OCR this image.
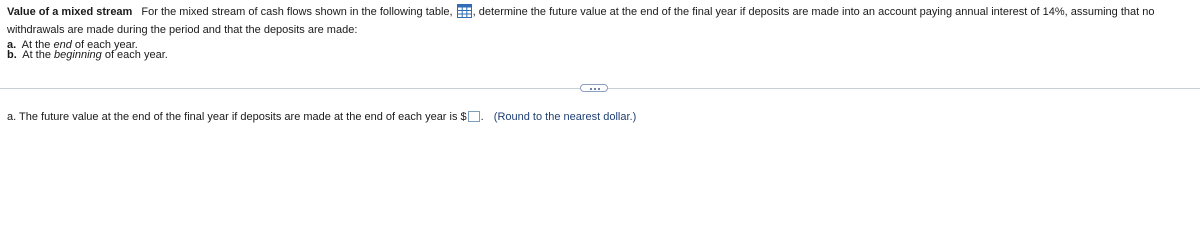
Value of a mixed stream For the mixed stream of cash flows shown in the following table, , determine the future value at the end of the final year if deposits are made into an account paying annual interest of 14%, assuming that no withdrawals are made during the period and that the deposits are made:
a. At the end of each year.
b. At the beginning of each year.
a. The future value at the end of the final year if deposits are made at the end of each year is $ . (Round to the nearest dollar.)
